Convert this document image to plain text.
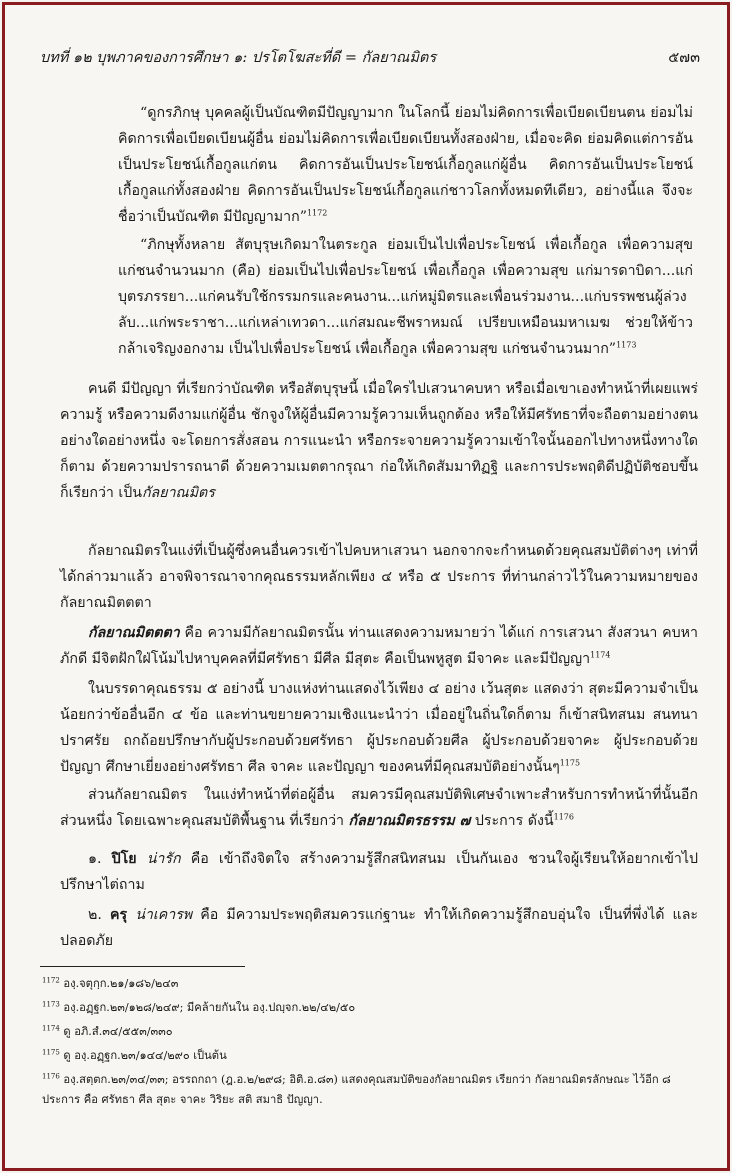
บทที่ ๑๒ บุพภาคของการศึกษา ๑: ปรโตโฆสะที่ดี = กัลยาณมิตร	๕๗๓

“ดูกรภิกษุ บุคคลผู้เป็นบัณฑิตมีปัญญามาก ในโลกนี้ ย่อมไม่คิดการเพื่อเบียดเบียนตน ย่อมไม่คิดการเพื่อเบียดเบียนผู้อื่น ย่อมไม่คิดการเพื่อเบียดเบียนทั้งสองฝ่าย, เมื่อจะคิด ย่อมคิดแต่การอันเป็นประโยชน์เกื้อกูลแก่ตน คิดการอันเป็นประโยชน์เกื้อกูลแก่ผู้อื่น คิดการอันเป็นประโยชน์เกื้อกูลแก่ทั้งสองฝ่าย คิดการอันเป็นประโยชน์เกื้อกูลแก่ชาวโลกทั้งหมดทีเดียว, อย่างนี้แล จึงจะชื่อว่าเป็นบัณฑิต มีปัญญามาก”$^{1172}$

“ภิกษุทั้งหลาย สัตบุรุษเกิดมาในตระกูล ย่อมเป็นไปเพื่อประโยชน์ เพื่อเกื้อกูล เพื่อความสุข แก่ชนจำนวนมาก (คือ) ย่อมเป็นไปเพื่อประโยชน์ เพื่อเกื้อกูล เพื่อความสุข แก่มารดาบิดา...แก่บุตรภรรยา...แก่คนรับใช้กรรมกรและคนงาน...แก่หมู่มิตรและเพื่อนร่วมงาน...แก่บรรพชนผู้ล่วงลับ...แก่พระราชา...แก่เหล่าเทวดา...แก่สมณะชีพราหมณ์ เปรียบเหมือนมหาเมฆ ช่วยให้ข้าวกล้าเจริญงอกงาม เป็นไปเพื่อประโยชน์ เพื่อเกื้อกูล เพื่อความสุข แก่ชนจำนวนมาก”$^{1173}$

คนดี มีปัญญา ที่เรียกว่าบัณฑิต หรือสัตบุรุษนี้ เมื่อใครไปเสวนาคบหา หรือเมื่อเขาเองทำหน้าที่เผยแพร่ความรู้ หรือความดีงามแก่ผู้อื่น ชักจูงให้ผู้อื่นมีความรู้ความเห็นถูกต้อง หรือให้มีศรัทธาที่จะถือตามอย่างตน อย่างใดอย่างหนึ่ง จะโดยการสั่งสอน การแนะนำ หรือกระจายความรู้ความเข้าใจนั้นออกไปทางหนึ่งทางใดก็ตาม ด้วยความปรารถนาดี ด้วยความเมตตากรุณา ก่อให้เกิดสัมมาทิฏฐิ และการประพฤติดีปฏิบัติชอบขึ้น ก็เรียกว่า เป็นกัลยาณมิตร

กัลยาณมิตรในแง่ที่เป็นผู้ซึ่งคนอื่นควรเข้าไปคบหาเสวนา นอกจากจะกำหนดด้วยคุณสมบัติต่างๆ เท่าที่ได้กล่าวมาแล้ว อาจพิจารณาจากคุณธรรมหลักเพียง ๔ หรือ ๕ ประการ ที่ท่านกล่าวไว้ในความหมายของกัลยาณมิตตตา

กัลยาณมิตตตา คือ ความมีกัลยาณมิตรนั้น ท่านแสดงความหมายว่า ได้แก่ การเสวนา สังสวนา คบหา ภักดี มีจิตฝักใฝ่โน้มไปหาบุคคลที่มีศรัทธา มีศีล มีสุตะ คือเป็นพหูสูต มีจาคะ และมีปัญญา$^{1174}$

ในบรรดาคุณธรรม ๕ อย่างนี้ บางแห่งท่านแสดงไว้เพียง ๔ อย่าง เว้นสุตะ แสดงว่า สุตะมีความจำเป็นน้อยกว่าข้ออื่นอีก ๔ ข้อ และท่านขยายความเชิงแนะนำว่า เมื่ออยู่ในถิ่นใดก็ตาม ก็เข้าสนิทสนม สนทนาปราศรัย ถกถ้อยปรึกษากับผู้ประกอบด้วยศรัทธา ผู้ประกอบด้วยศีล ผู้ประกอบด้วยจาคะ ผู้ประกอบด้วยปัญญา ศึกษาเยี่ยงอย่างศรัทธา ศีล จาคะ และปัญญา ของคนที่มีคุณสมบัติอย่างนั้นๆ$^{1175}$

ส่วนกัลยาณมิตร ในแง่ทำหน้าที่ต่อผู้อื่น สมควรมีคุณสมบัติพิเศษจำเพาะสำหรับการทำหน้าที่นั้นอีกส่วนหนึ่ง โดยเฉพาะคุณสมบัติพื้นฐาน ที่เรียกว่า กัลยาณมิตรธรรม ๗ ประการ ดังนี้$^{1176}$

๑. ปิโย น่ารัก คือ เข้าถึงจิตใจ สร้างความรู้สึกสนิทสนม เป็นกันเอง ชวนใจผู้เรียนให้อยากเข้าไปปรึกษาไต่ถาม

๒. ครุ น่าเคารพ คือ มีความประพฤติสมควรแก่ฐานะ ทำให้เกิดความรู้สึกอบอุ่นใจ เป็นที่พึ่งได้ และปลอดภัย

$^{1172}$ องฺ.จตุกฺก.๒๑/๑๘๖/๒๔๓

$^{1173}$ องฺ.อฏฺฐก.๒๓/๑๒๘/๒๔๙; มีคล้ายกันใน องฺ.ปญฺจก.๒๒/๔๒/๕๐

$^{1174}$ ดู อภิ.สํ.๓๔/๕๕๓/๓๓๐

$^{1175}$ ดู องฺ.อฏฺฐก.๒๓/๑๔๔/๒๙๐ เป็นต้น

$^{1176}$ องฺ.สตฺตก.๒๓/๓๔/๓๓; อรรถกถา (ฎ.อ.๒/๒๙๘; อิติ.อ.๘๓) แสดงคุณสมบัติของกัลยาณมิตร เรียกว่า กัลยาณมิตรลักษณะ ไว้อีก ๘ ประการ คือ ศรัทธา ศีล สุตะ จาคะ วิริยะ สติ สมาธิ ปัญญา.
